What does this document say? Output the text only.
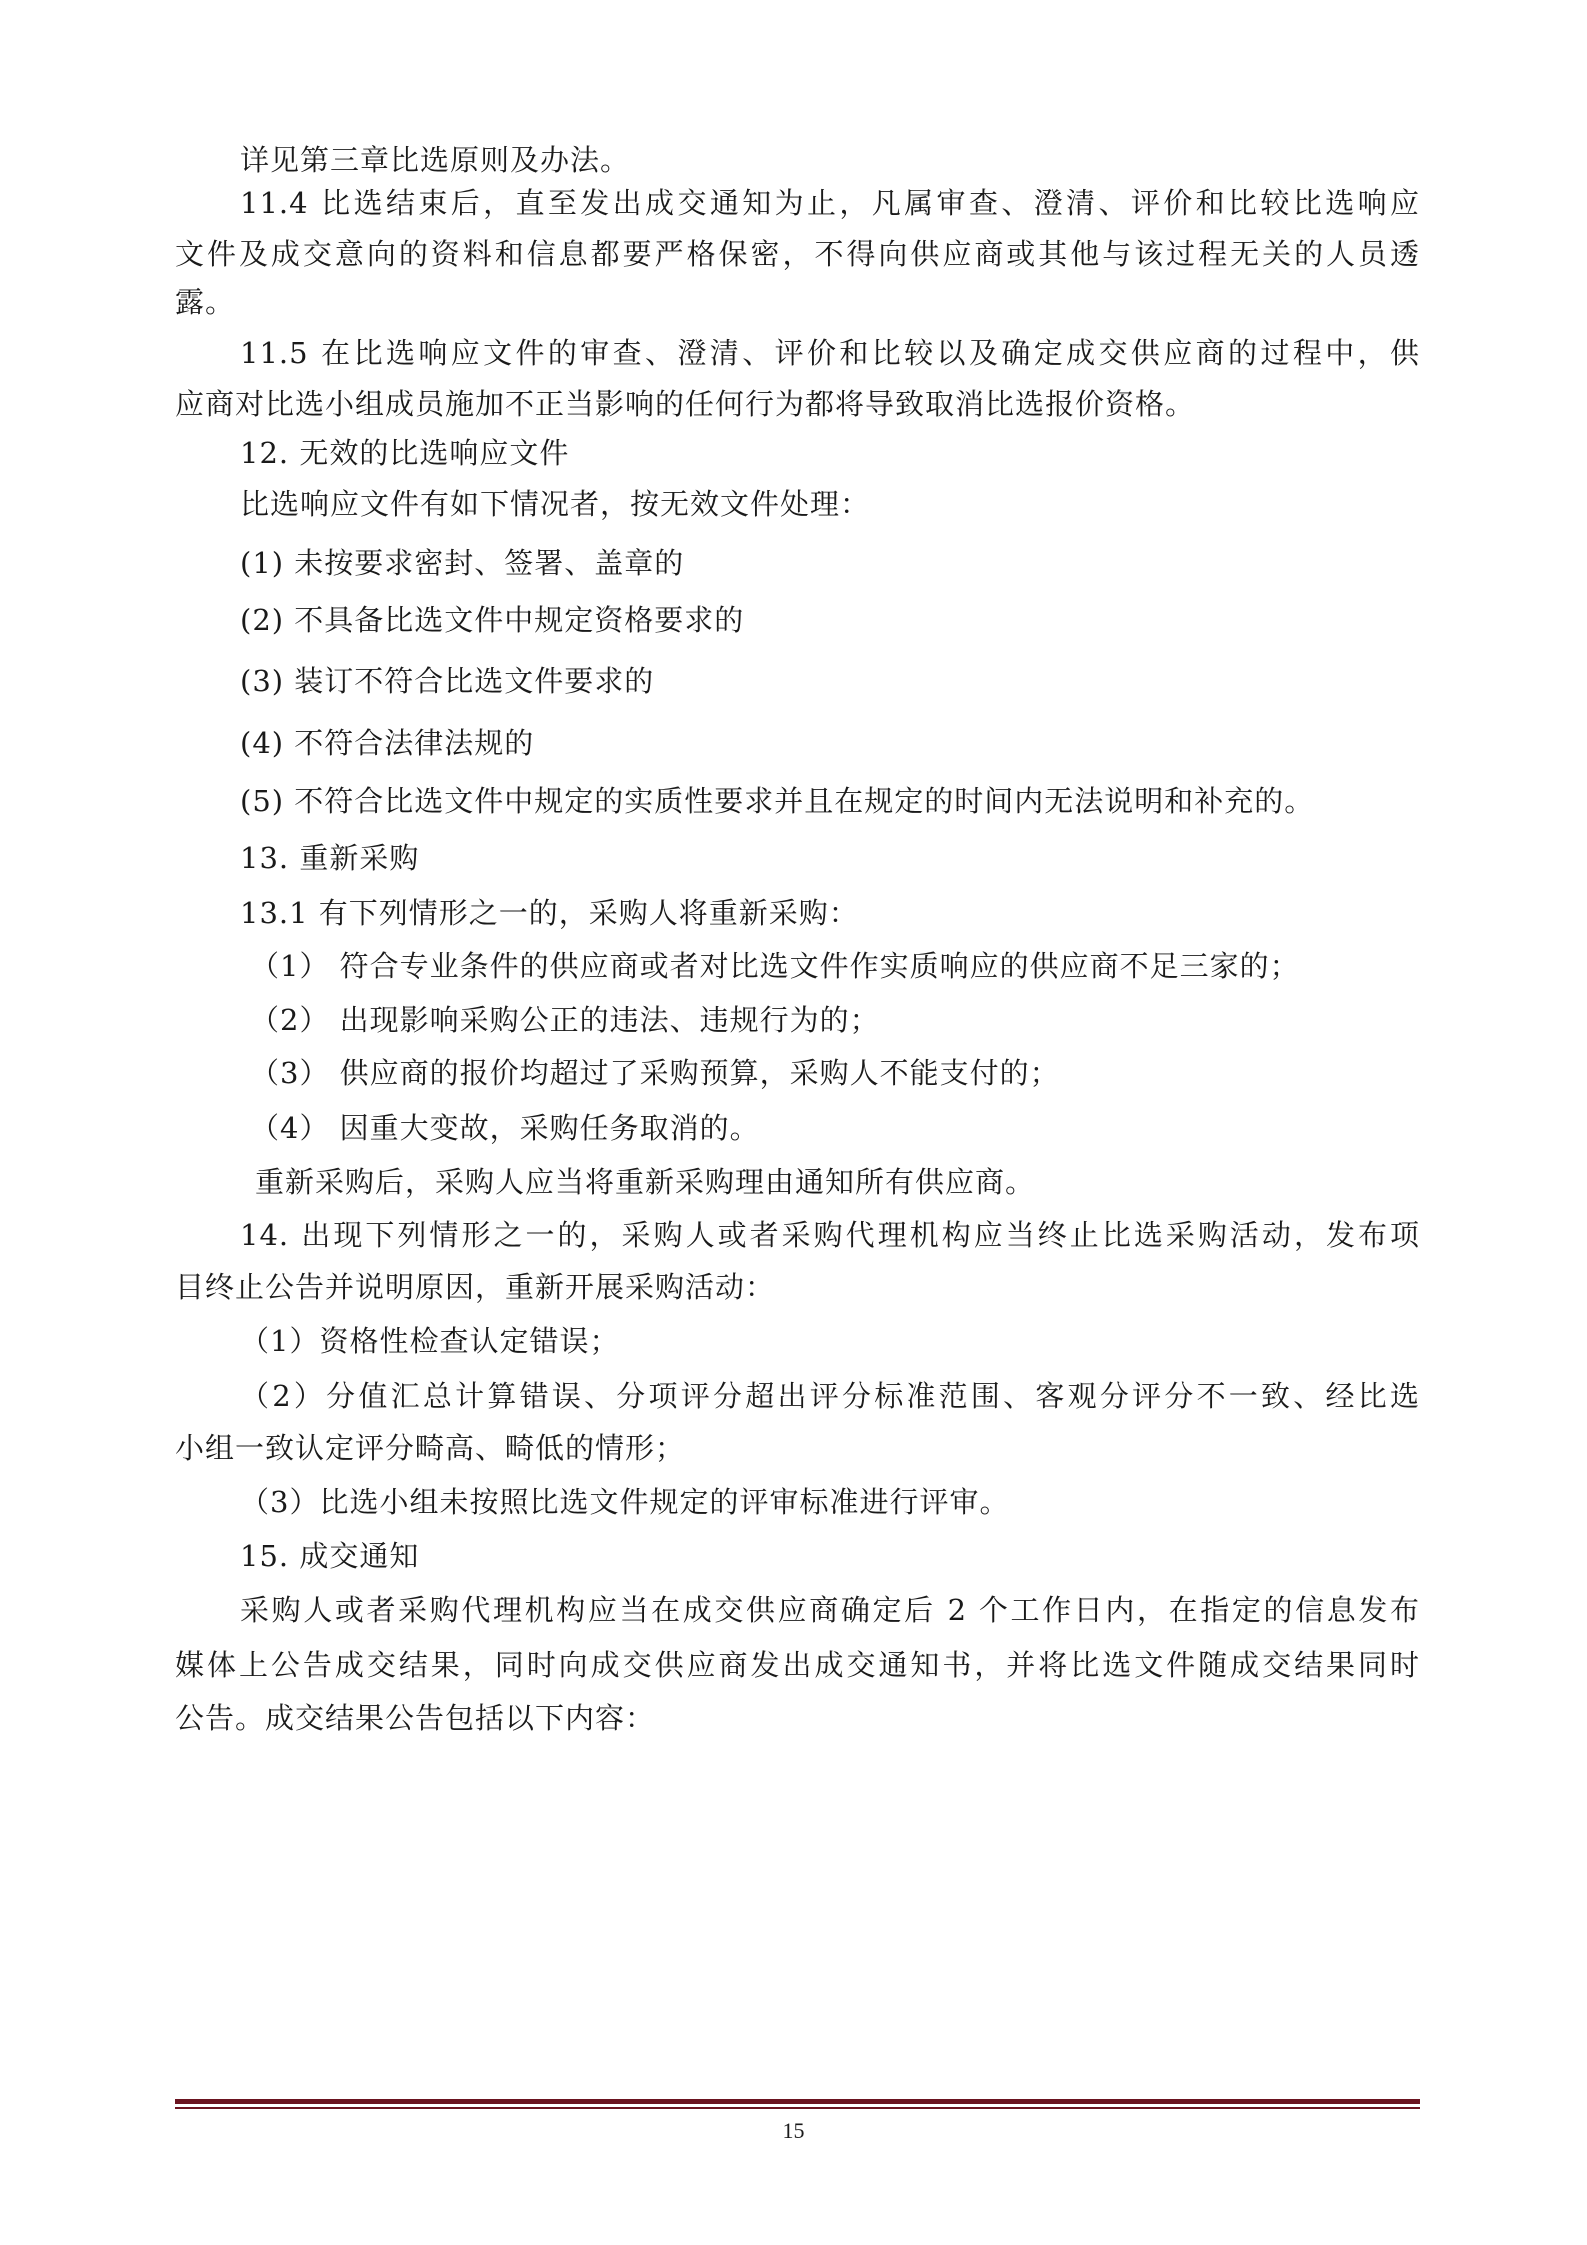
详见第三章比选原则及办法。
11.4 比选结束后，直至发出成交通知为止，凡属审查、澄清、评价和比较比选响应
文件及成交意向的资料和信息都要严格保密，不得向供应商或其他与该过程无关的人员透
露。
11.5 在比选响应文件的审查、澄清、评价和比较以及确定成交供应商的过程中，供
应商对比选小组成员施加不正当影响的任何行为都将导致取消比选报价资格。
12. 无效的比选响应文件
比选响应文件有如下情况者，按无效文件处理：
(1) 未按要求密封、签署、盖章的
(2) 不具备比选文件中规定资格要求的
(3) 装订不符合比选文件要求的
(4) 不符合法律法规的
(5) 不符合比选文件中规定的实质性要求并且在规定的时间内无法说明和补充的。
13. 重新采购
13.1 有下列情形之一的，采购人将重新采购：
（1） 符合专业条件的供应商或者对比选文件作实质响应的供应商不足三家的；
（2） 出现影响采购公正的违法、违规行为的；
（3） 供应商的报价均超过了采购预算，采购人不能支付的；
（4） 因重大变故，采购任务取消的。
重新采购后，采购人应当将重新采购理由通知所有供应商。
14. 出现下列情形之一的，采购人或者采购代理机构应当终止比选采购活动，发布项
目终止公告并说明原因，重新开展采购活动：
（1）资格性检查认定错误；
（2）分值汇总计算错误、分项评分超出评分标准范围、客观分评分不一致、经比选
小组一致认定评分畸高、畸低的情形；
（3）比选小组未按照比选文件规定的评审标准进行评审。
15. 成交通知
采购人或者采购代理机构应当在成交供应商确定后 2 个工作日内，在指定的信息发布
媒体上公告成交结果，同时向成交供应商发出成交通知书，并将比选文件随成交结果同时
公告。成交结果公告包括以下内容：
15
